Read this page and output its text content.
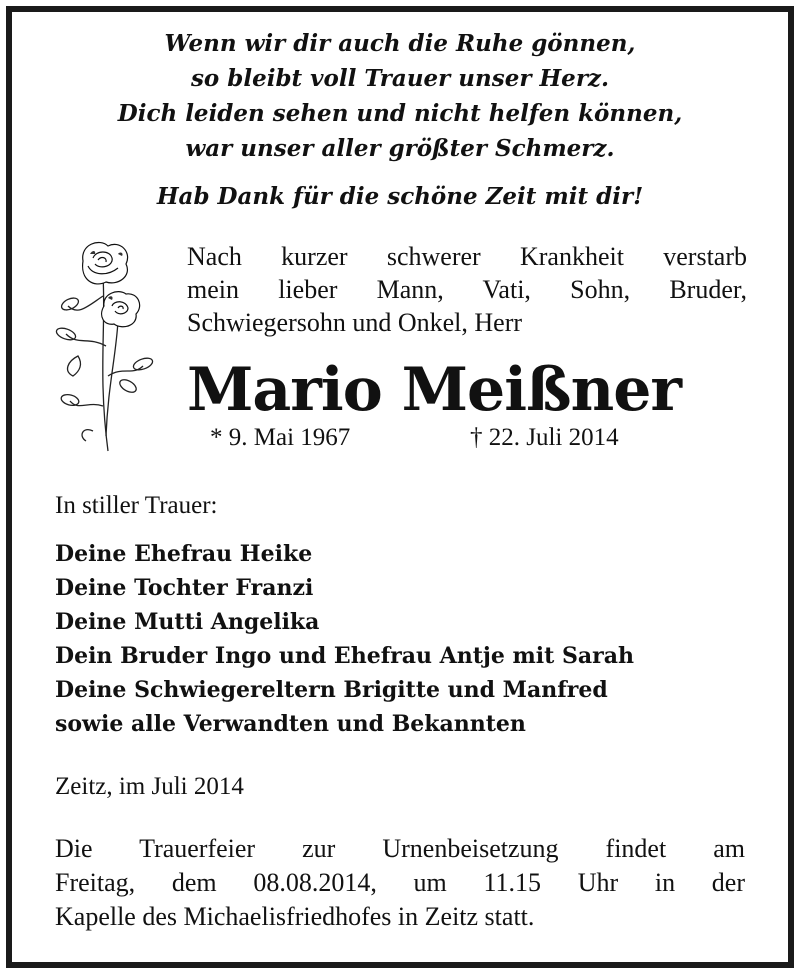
Wenn wir dir auch die Ruhe gönnen,
so bleibt voll Trauer unser Herz.
Dich leiden sehen und nicht helfen können,
war unser aller größter Schmerz.
Hab Dank für die schöne Zeit mit dir!
Nach kurzer schwerer Krankheit verstarb
mein lieber Mann, Vati, Sohn, Bruder,
Schwiegersohn und Onkel, Herr
Mario Meißner
* 9. Mai 1967	† 22. Juli 2014
In stiller Trauer:
Deine Ehefrau Heike
Deine Tochter Franzi
Deine Mutti Angelika
Dein Bruder Ingo und Ehefrau Antje mit Sarah
Deine Schwiegereltern Brigitte und Manfred
sowie alle Verwandten und Bekannten
Zeitz, im Juli 2014
Die Trauerfeier zur Urnenbeisetzung findet am
Freitag, dem 08.08.2014, um 11.15 Uhr in der
Kapelle des Michaelisfriedhofes in Zeitz statt.
